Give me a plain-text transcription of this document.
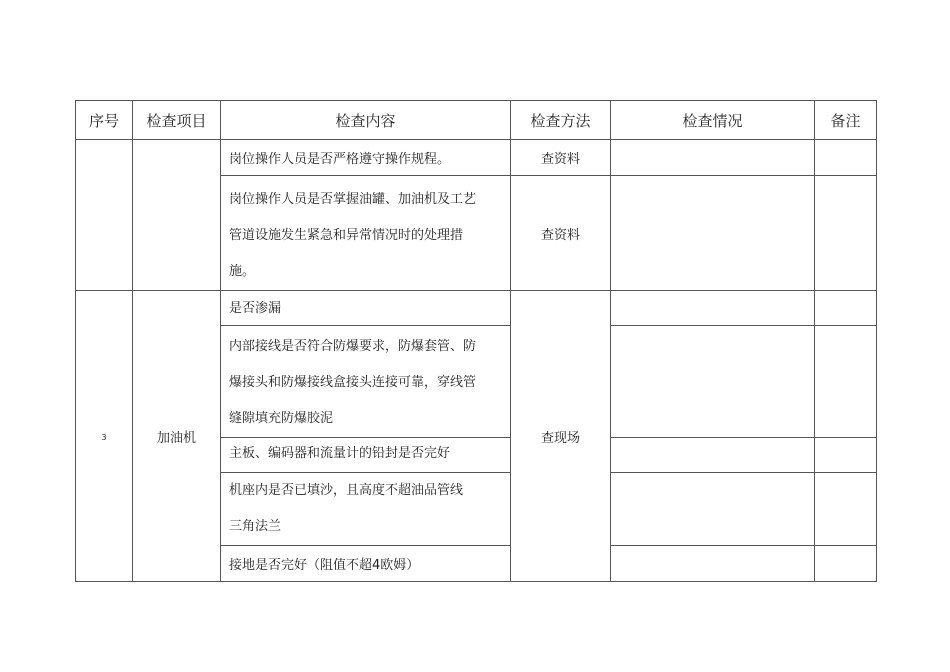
序号	检查项目	检查内容	检查方法	检查情况	备注
		岗位操作人员是否严格遵守操作规程。	查资料		

		岗位操作人员是否掌握油罐、加油机及工艺
管道设施发生紧急和异常情况时的处理措
施。	查资料		
3	加油机	是否渗漏	查现场		

		内部接线是否符合防爆要求，防爆套管、防
爆接头和防爆接线盒接头连接可靠，穿线管
缝隙填充防爆胶泥			

		主板、编码器和流量计的铅封是否完好			

		机座内是否已填沙，且高度不超油品管线
三角法兰			

		接地是否完好（阻值不超4欧姆）			
